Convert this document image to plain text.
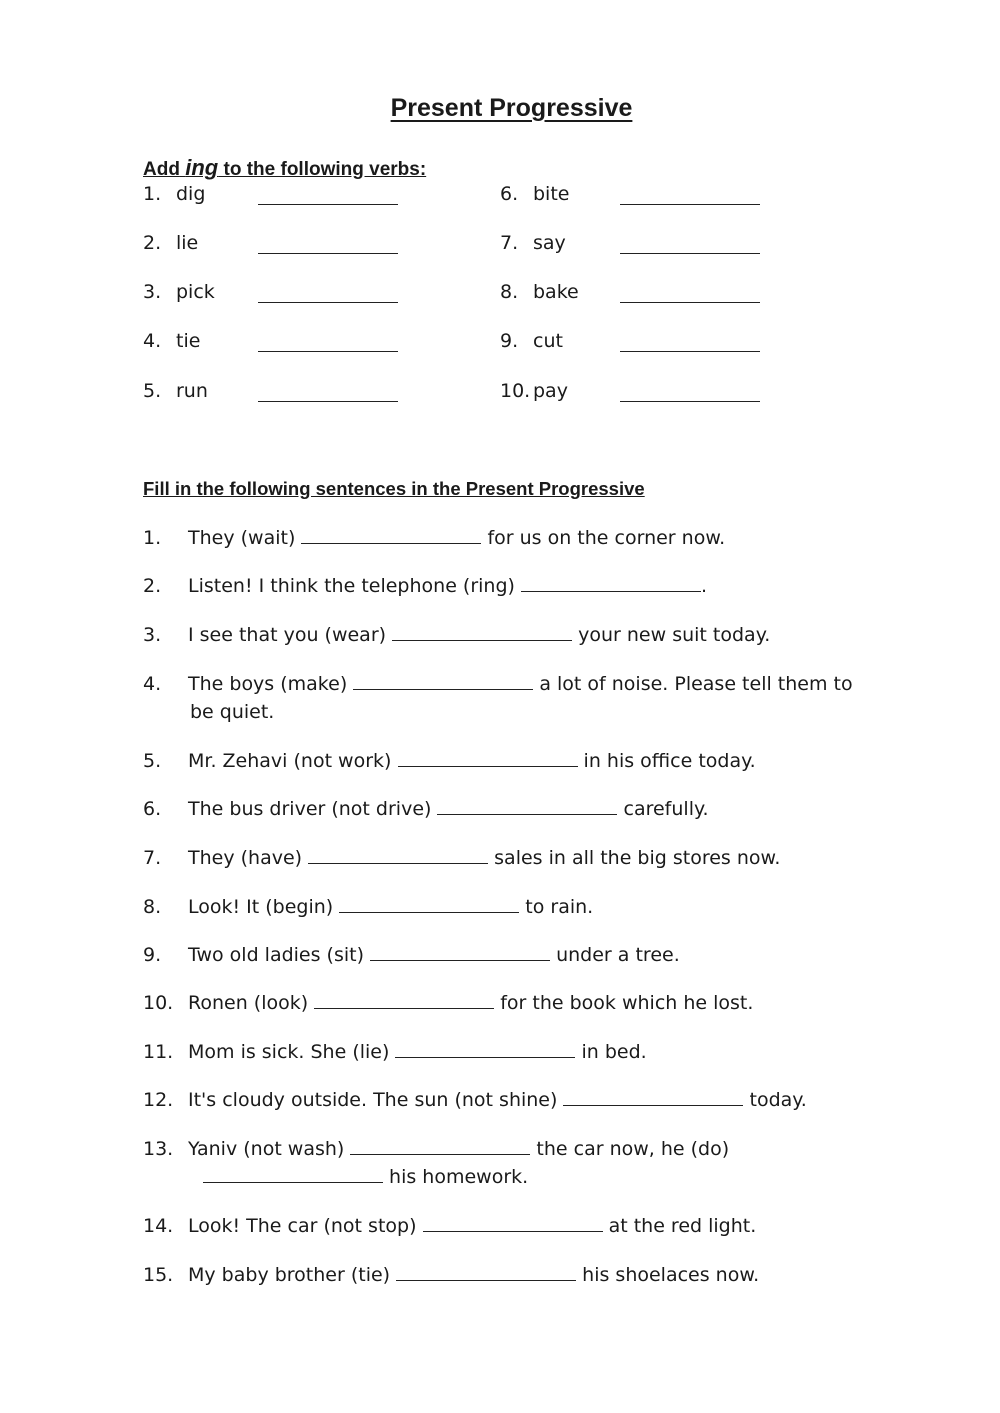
Present Progressive
Add ing to the following verbs:
1. dig
2. lie
3. pick
4. tie
5. run
6. bite
7. say
8. bake
9. cut
10. pay
Fill in the following sentences in the Present Progressive
1. They (wait)	for us on the corner now.
2. Listen! I think the telephone (ring)	.
3. I see that you (wear)	your new suit today.
4. The boys (make)	a lot of noise. Please tell them to
be quiet.
5. Mr. Zehavi (not work)	in his office today.
6. The bus driver (not drive)	carefully.
7. They (have)	sales in all the big stores now.
8. Look! It (begin)	to rain.
9. Two old ladies (sit)	under a tree.
10. Ronen (look)	for the book which he lost.
11. Mom is sick. She (lie)	in bed.
12. It's cloudy outside. The sun (not shine)	today.
13. Yaniv (not wash)	the car now, he (do)
his homework.
14. Look! The car (not stop)	at the red light.
15. My baby brother (tie)	his shoelaces now.
